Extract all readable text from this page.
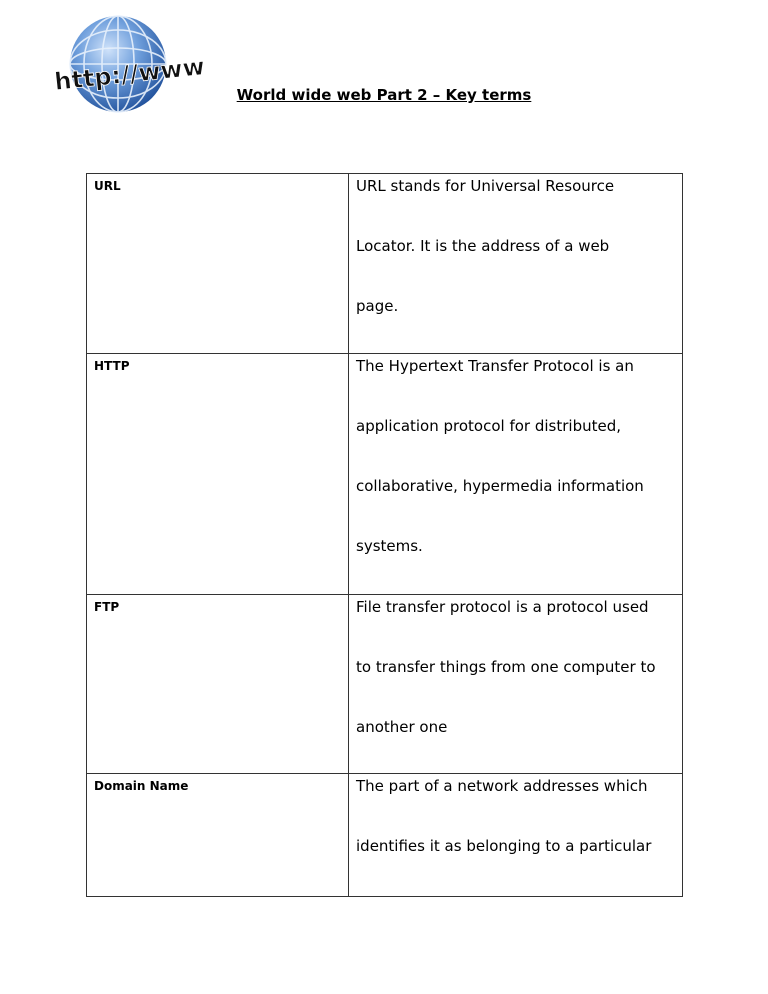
http://www	World wide web Part 2 – Key terms
URL	URL stands for Universal Resource
Locator. It is the address of a web
page.

HTTP	The Hypertext Transfer Protocol is an
application protocol for distributed,
collaborative, hypermedia information
systems.

FTP	File transfer protocol is a protocol used
to transfer things from one computer to
another one

Domain Name	The part of a network addresses which
identifies it as belonging to a particular
